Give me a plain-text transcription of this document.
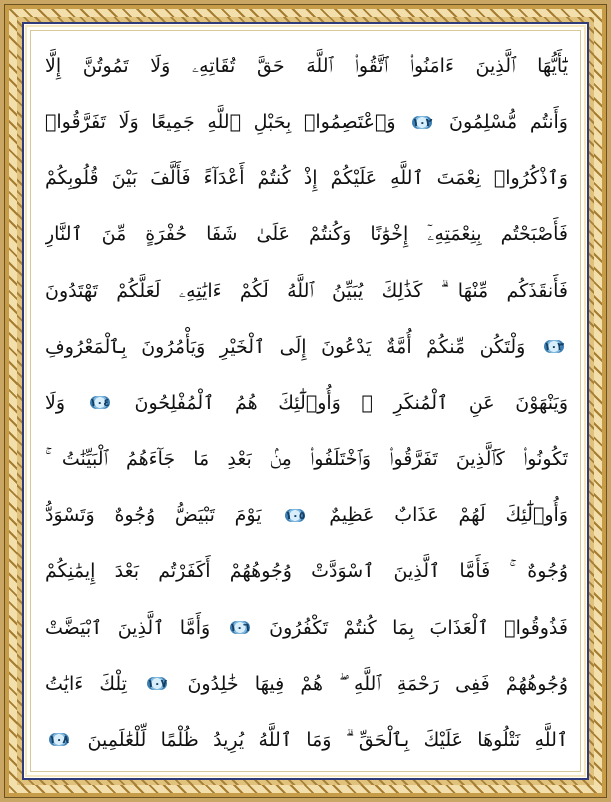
يَٰٓأَيُّهَا ٱلَّذِينَ ءَامَنُوا۟ ٱتَّقُوا۟ ٱللَّهَ حَقَّ تُقَاتِهِۦ وَلَا تَمُوتُنَّ إِلَّا
وَأَنتُم مُّسْلِمُونَ ١٠٢ وَٱعْتَصِمُوا۟ بِحَبْلِ ٱللَّهِ جَمِيعًا وَلَا تَفَرَّقُوا۟
وَٱذْكُرُوا۟ نِعْمَتَ ٱللَّهِ عَلَيْكُمْ إِذْ كُنتُمْ أَعْدَآءً فَأَلَّفَ بَيْنَ قُلُوبِكُمْ
فَأَصْبَحْتُم بِنِعْمَتِهِۦٓ إِخْوَٰنًا وَكُنتُمْ عَلَىٰ شَفَا حُفْرَةٍ مِّنَ ٱلنَّارِ
فَأَنقَذَكُم مِّنْهَا ۗ كَذَٰلِكَ يُبَيِّنُ ٱللَّهُ لَكُمْ ءَايَٰتِهِۦ لَعَلَّكُمْ تَهْتَدُونَ
١٠٣ وَلْتَكُن مِّنكُمْ أُمَّةٌ يَدْعُونَ إِلَى ٱلْخَيْرِ وَيَأْمُرُونَ بِٱلْمَعْرُوفِ
وَيَنْهَوْنَ عَنِ ٱلْمُنكَرِ ۚ وَأُو۟لَٰٓئِكَ هُمُ ٱلْمُفْلِحُونَ ١٠٤ وَلَا
تَكُونُوا۟ كَٱلَّذِينَ تَفَرَّقُوا۟ وَٱخْتَلَفُوا۟ مِنۢ بَعْدِ مَا جَآءَهُمُ ٱلْبَيِّنَٰتُ ۚ
وَأُو۟لَٰٓئِكَ لَهُمْ عَذَابٌ عَظِيمٌ ١٠٥ يَوْمَ تَبْيَضُّ وُجُوهٌ وَتَسْوَدُّ
وُجُوهٌ ۚ فَأَمَّا ٱلَّذِينَ ٱسْوَدَّتْ وُجُوهُهُمْ أَكَفَرْتُم بَعْدَ إِيمَٰنِكُمْ
فَذُوقُوا۟ ٱلْعَذَابَ بِمَا كُنتُمْ تَكْفُرُونَ ١٠٦ وَأَمَّا ٱلَّذِينَ ٱبْيَضَّتْ
وُجُوهُهُمْ فَفِى رَحْمَةِ ٱللَّهِ ۖ هُمْ فِيهَا خَٰلِدُونَ ١٠٧ تِلْكَ ءَايَٰتُ
ٱللَّهِ نَتْلُوهَا عَلَيْكَ بِٱلْحَقِّ ۗ وَمَا ٱللَّهُ يُرِيدُ ظُلْمًا لِّلْعَٰلَمِينَ ١٠٨
